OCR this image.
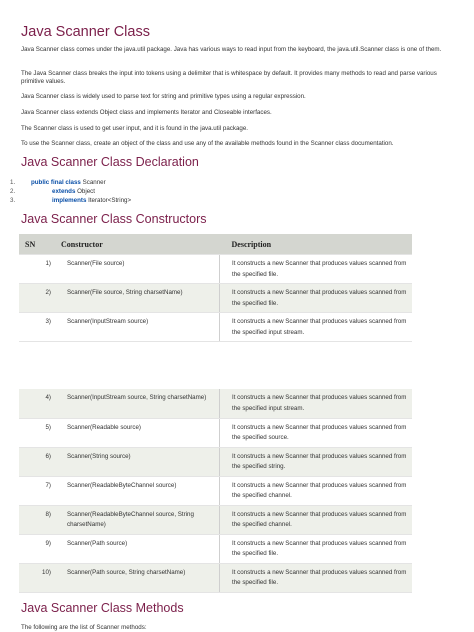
Java Scanner Class

Java Scanner class comes under the java.util package. Java has various ways to read input from the keyboard, the java.util.Scanner class is one of them.

The Java Scanner class breaks the input into tokens using a delimiter that is whitespace by default. It provides many methods to read and parse various primitive values.

Java Scanner class is widely used to parse text for string and primitive types using a regular expression.

Java Scanner class extends Object class and implements Iterator and Closeable interfaces.

The Scanner class is used to get user input, and it is found in the java.util package.

To use the Scanner class, create an object of the class and use any of the available methods found in the Scanner class documentation.

Java Scanner Class Declaration
1.	public final class Scanner
2.	extends Object
3.	implements Iterator<String>
Java Scanner Class Constructors
SN	Constructor	Description
1)	Scanner(File source)	It constructs a new Scanner that produces values scanned from the specified file.
2)	Scanner(File source, String charsetName)	It constructs a new Scanner that produces values scanned from the specified file.
3)	Scanner(InputStream source)	It constructs a new Scanner that produces values scanned from the specified input stream.
4)	Scanner(InputStream source, String charsetName)	It constructs a new Scanner that produces values scanned from the specified input stream.
5)	Scanner(Readable source)	It constructs a new Scanner that produces values scanned from the specified source.
6)	Scanner(String source)	It constructs a new Scanner that produces values scanned from the specified string.
7)	Scanner(ReadableByteChannel source)	It constructs a new Scanner that produces values scanned from the specified channel.
8)	Scanner(ReadableByteChannel source, String charsetName)	It constructs a new Scanner that produces values scanned from the specified channel.
9)	Scanner(Path source)	It constructs a new Scanner that produces values scanned from the specified file.
10)	Scanner(Path source, String charsetName)	It constructs a new Scanner that produces values scanned from the specified file.
Java Scanner Class Methods

The following are the list of Scanner methods:
